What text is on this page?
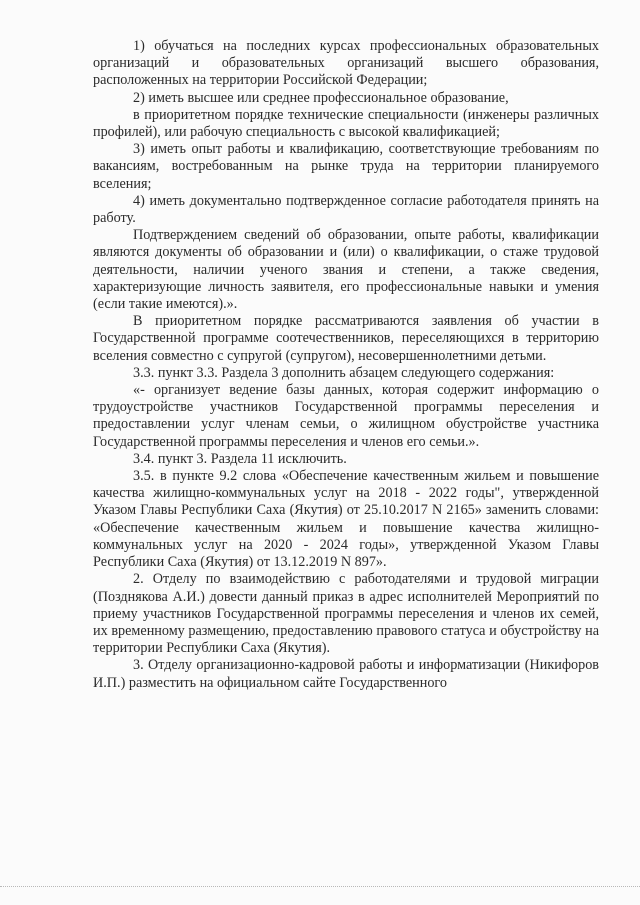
1) обучаться на последних курсах профессиональных образовательных организаций и образовательных организаций высшего образования, расположенных на территории Российской Федерации;

2) иметь высшее или среднее профессиональное образование,

в приоритетном порядке технические специальности (инженеры различных профилей), или рабочую специальность с высокой квалификацией;

3) иметь опыт работы и квалификацию, соответствующие требованиям по вакансиям, востребованным на рынке труда на территории планируемого вселения;

4) иметь документально подтвержденное согласие работодателя принять на работу.

Подтверждением сведений об образовании, опыте работы, квалификации являются документы об образовании и (или) о квалификации, о стаже трудовой деятельности, наличии ученого звания и степени, а также сведения, характеризующие личность заявителя, его профессиональные навыки и умения (если такие имеются).».

В приоритетном порядке рассматриваются заявления об участии в Государственной программе соотечественников, переселяющихся в территорию вселения совместно с супругой (супругом), несовершеннолетними детьми.

3.3. пункт 3.3. Раздела 3 дополнить абзацем следующего содержания:

«- организует ведение базы данных, которая содержит информацию о трудоустройстве участников Государственной программы переселения и предоставлении услуг членам семьи, о жилищном обустройстве участника Государственной программы переселения и членов его семьи.».

3.4. пункт 3. Раздела 11 исключить.

3.5. в пункте 9.2 слова «Обеспечение качественным жильем и повышение качества жилищно-коммунальных услуг на 2018 - 2022 годы", утвержденной Указом Главы Республики Саха (Якутия) от 25.10.2017 N 2165» заменить словами: «Обеспечение качественным жильем и повышение качества жилищно-коммунальных услуг на 2020 - 2024 годы», утвержденной Указом Главы Республики Саха (Якутия) от 13.12.2019 N 897».

2. Отделу по взаимодействию с работодателями и трудовой миграции (Позднякова А.И.) довести данный приказ в адрес исполнителей Мероприятий по приему участников Государственной программы переселения и членов их семей, их временному размещению, предоставлению правового статуса и обустройству на территории Республики Саха (Якутия).

3. Отделу организационно-кадровой работы и информатизации (Никифоров И.П.) разместить на официальном сайте Государственного
